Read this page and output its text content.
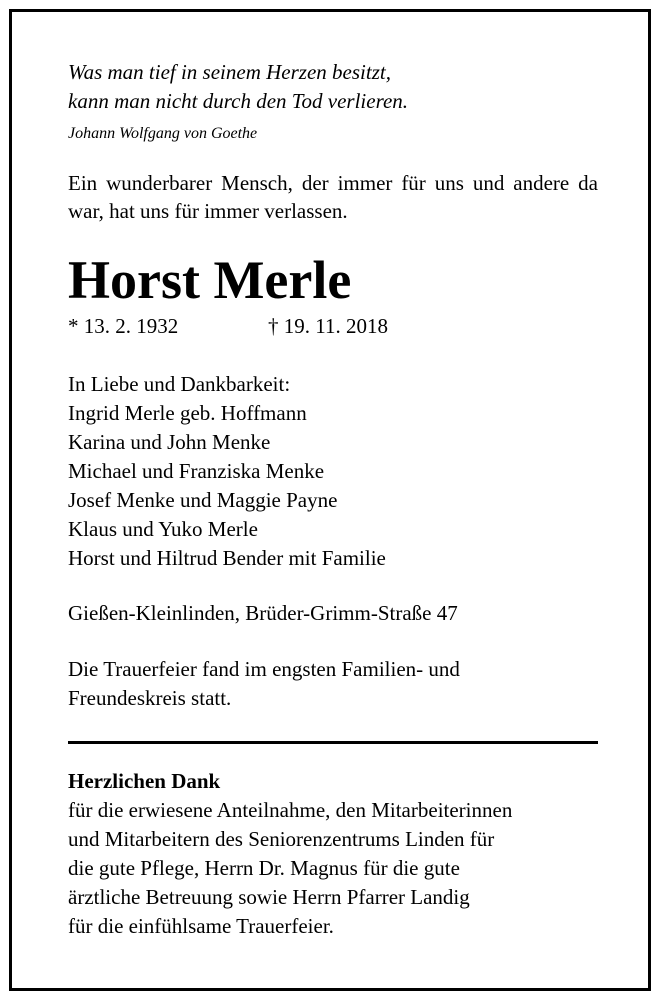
Was man tief in seinem Herzen besitzt,
kann man nicht durch den Tod verlieren.
Johann Wolfgang von Goethe
Ein wunderbarer Mensch, der immer für uns und andere da war, hat uns für immer verlassen.
Horst Merle
* 13. 2. 1932	† 19. 11. 2018
In Liebe und Dankbarkeit:
Ingrid Merle geb. Hoffmann
Karina und John Menke
Michael und Franziska Menke
Josef Menke und Maggie Payne
Klaus und Yuko Merle
Horst und Hiltrud Bender mit Familie
Gießen-Kleinlinden, Brüder-Grimm-Straße 47
Die Trauerfeier fand im engsten Familien- und
Freundeskreis statt.
Herzlichen Dank
für die erwiesene Anteilnahme, den Mitarbeiterinnen
und Mitarbeitern des Seniorenzentrums Linden für
die gute Pflege, Herrn Dr. Magnus für die gute
ärztliche Betreuung sowie Herrn Pfarrer Landig
für die einfühlsame Trauerfeier.
